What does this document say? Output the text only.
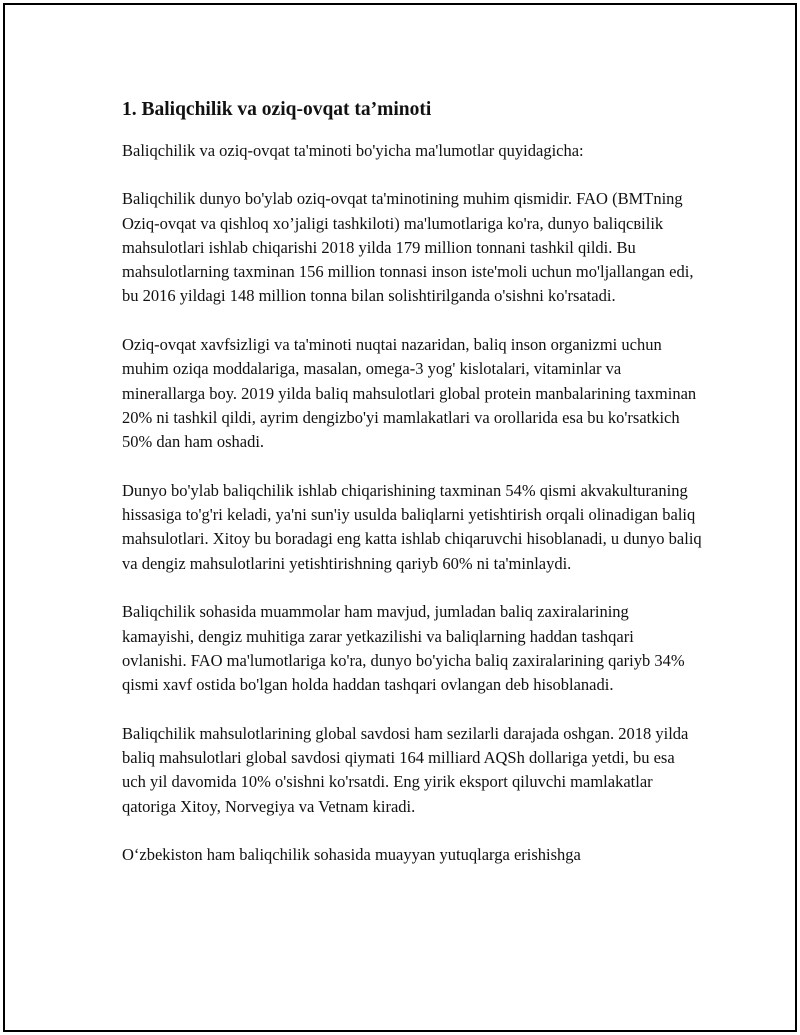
1. Baliqchilik va oziq-ovqat ta’minoti

Baliqchilik va oziq-ovqat ta'minoti bo'yicha ma'lumotlar quyidagicha:

Baliqchilik dunyo bo'ylab oziq-ovqat ta'minotining muhim qismidir. FAO (BMTning Oziq-ovqat va qishloq xo’jaligi tashkiloti) ma'lumotlariga ko'ra, dunyo baliqсвilik mahsulotlari ishlab chiqarishi 2018 yilda 179 million tonnani tashkil qildi. Bu mahsulotlarning taxminan 156 million tonnasi inson iste'moli uchun mo'ljallangan edi, bu 2016 yildagi 148 million tonna bilan solishtirilganda o'sishni ko'rsatadi.

Oziq-ovqat xavfsizligi va ta'minoti nuqtai nazaridan, baliq inson organizmi uchun muhim oziqa moddalariga, masalan, omega-3 yog' kislotalari, vitaminlar va minerallarga boy. 2019 yilda baliq mahsulotlari global protein manbalarining taxminan 20% ni tashkil qildi, ayrim dengizbo'yi mamlakatlari va orollarida esa bu ko'rsatkich 50% dan ham oshadi.

Dunyo bo'ylab baliqchilik ishlab chiqarishining taxminan 54% qismi akvakulturaning hissasiga to'g'ri keladi, ya'ni sun'iy usulda baliqlarni yetishtirish orqali olinadigan baliq mahsulotlari. Xitoy bu boradagi eng katta ishlab chiqaruvchi hisoblanadi, u dunyo baliq va dengiz mahsulotlarini yetishtirishning qariyb 60% ni ta'minlaydi.

Baliqchilik sohasida muammolar ham mavjud, jumladan baliq zaxiralarining kamayishi, dengiz muhitiga zarar yetkazilishi va baliqlarning haddan tashqari ovlanishi. FAO ma'lumotlariga ko'ra, dunyo bo'yicha baliq zaxiralarining qariyb 34% qismi xavf ostida bo'lgan holda haddan tashqari ovlangan deb hisoblanadi.

Baliqchilik mahsulotlarining global savdosi ham sezilarli darajada oshgan. 2018 yilda baliq mahsulotlari global savdosi qiymati 164 milliard AQSh dollariga yetdi, bu esa uch yil davomida 10% o'sishni ko'rsatdi. Eng yirik eksport qiluvchi mamlakatlar qatoriga Xitoy, Norvegiya va Vetnam kiradi.

O‘zbekiston ham baliqchilik sohasida muayyan yutuqlarga erishishga
